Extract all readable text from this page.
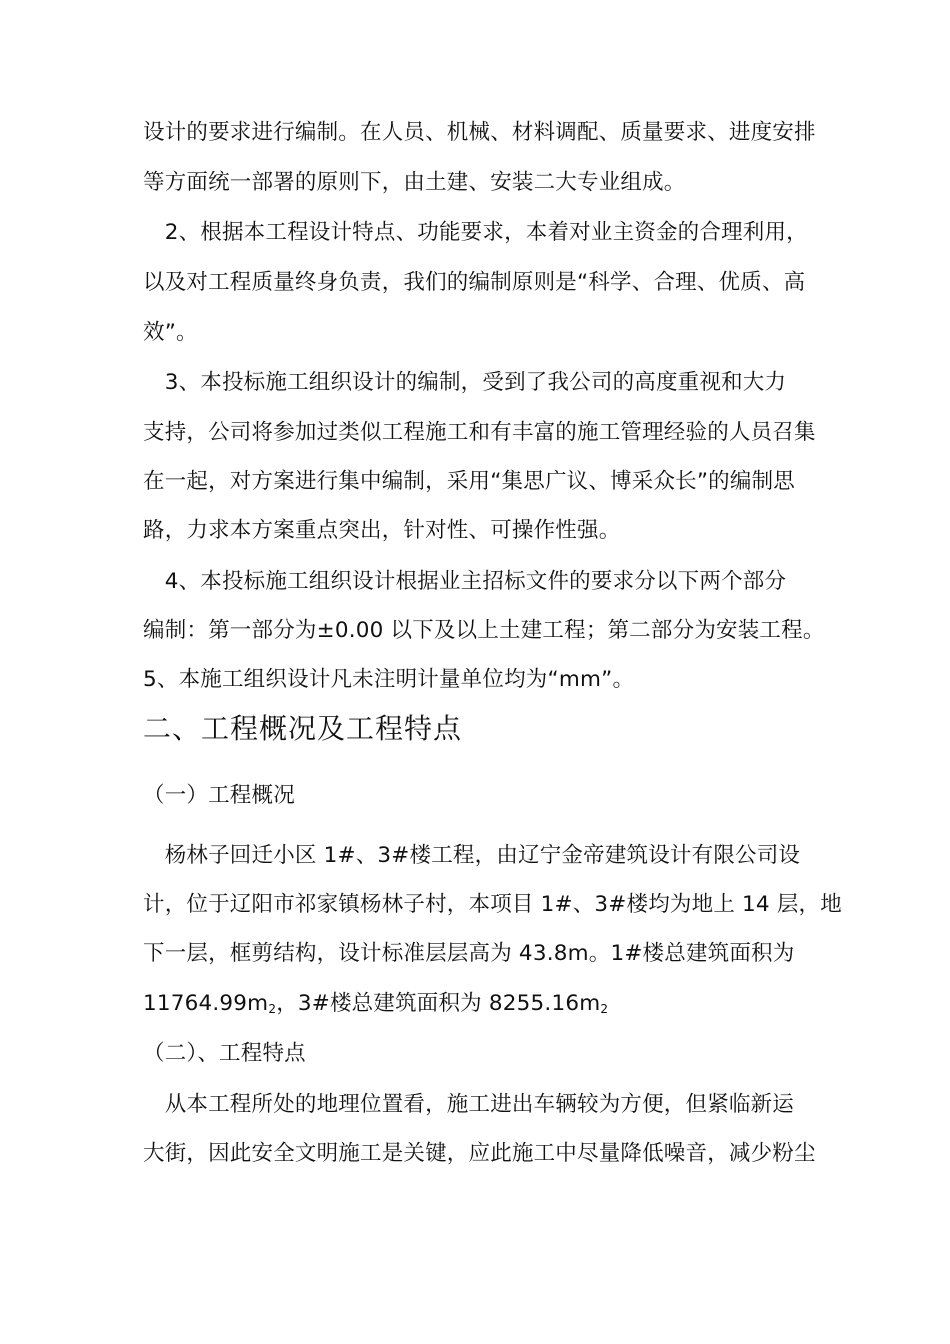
设计的要求进行编制。在人员、机械、材料调配、质量要求、进度安排
等方面统一部署的原则下，由土建、安装二大专业组成。
　2、根据本工程设计特点、功能要求，本着对业主资金的合理利用，
以及对工程质量终身负责，我们的编制原则是“科学、合理、优质、高
效”。
　3、本投标施工组织设计的编制，受到了我公司的高度重视和大力
支持，公司将参加过类似工程施工和有丰富的施工管理经验的人员召集
在一起，对方案进行集中编制，采用“集思广议、博采众长”的编制思
路，力求本方案重点突出，针对性、可操作性强。
　4、本投标施工组织设计根据业主招标文件的要求分以下两个部分
编制：第一部分为±0.00 以下及以上土建工程；第二部分为安装工程。
5、本施工组织设计凡未注明计量单位均为“mm”。
二、工程概况及工程特点
（一）工程概况
　杨林子回迁小区 1#、3#楼工程，由辽宁金帝建筑设计有限公司设
计，位于辽阳市祁家镇杨林子村，本项目 1#、3#楼均为地上 14 层，地
下一层，框剪结构，设计标准层层高为 43.8m。1#楼总建筑面积为
$11764.99m_2$，3#楼总建筑面积为 $8255.16m_2$
（二）、工程特点
　从本工程所处的地理位置看，施工进出车辆较为方便，但紧临新运
大街，因此安全文明施工是关键，应此施工中尽量降低噪音，减少粉尘
